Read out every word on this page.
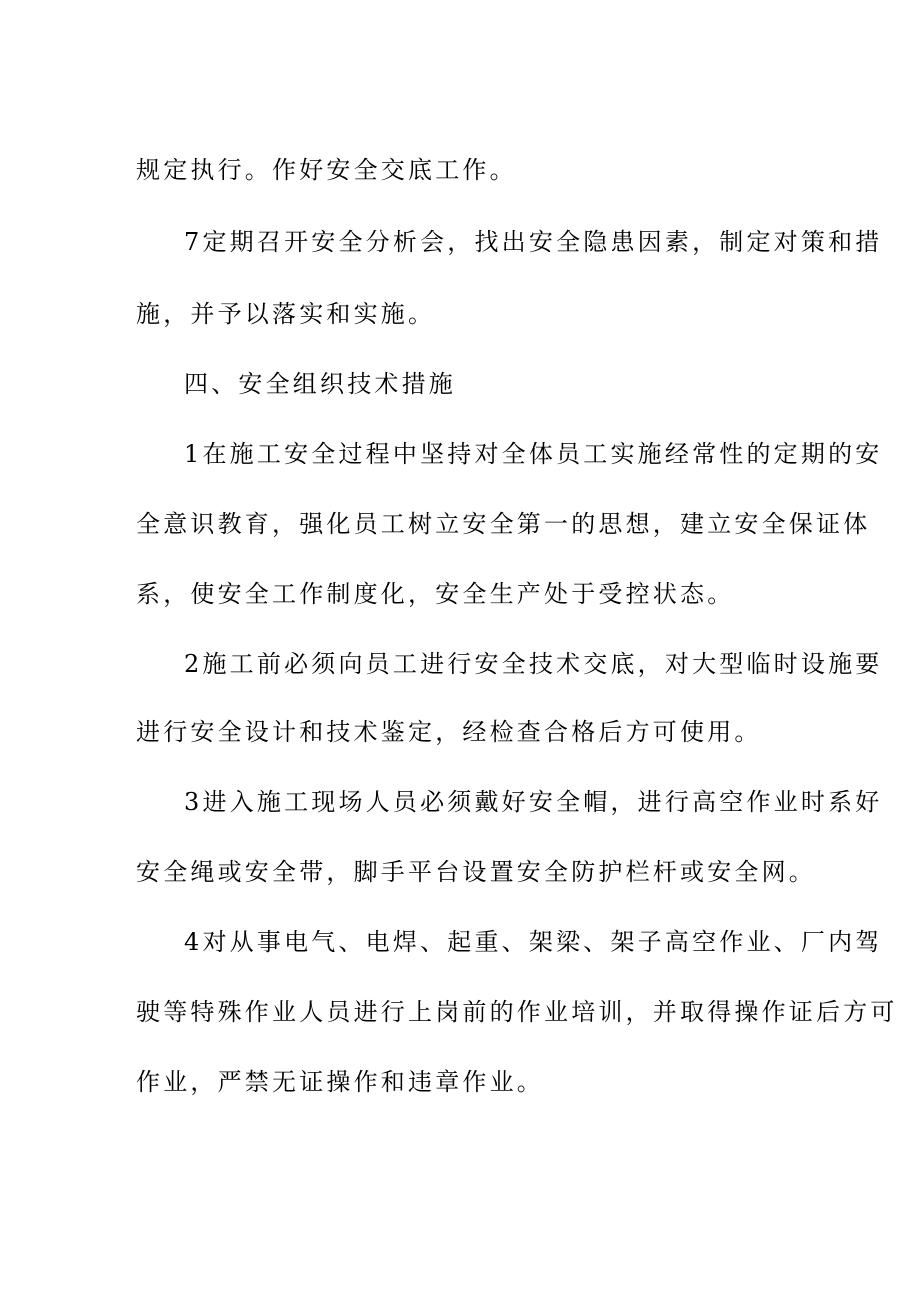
规定执行。作好安全交底工作。
7定期召开安全分析会，找出安全隐患因素，制定对策和措
施，并予以落实和实施。
四、安全组织技术措施
1在施工安全过程中坚持对全体员工实施经常性的定期的安
全意识教育，强化员工树立安全第一的思想，建立安全保证体
系，使安全工作制度化，安全生产处于受控状态。
2施工前必须向员工进行安全技术交底，对大型临时设施要
进行安全设计和技术鉴定，经检查合格后方可使用。
3进入施工现场人员必须戴好安全帽，进行高空作业时系好
安全绳或安全带，脚手平台设置安全防护栏杆或安全网。
4对从事电气、电焊、起重、架梁、架子高空作业、厂内驾
驶等特殊作业人员进行上岗前的作业培训，并取得操作证后方可
作业，严禁无证操作和违章作业。
